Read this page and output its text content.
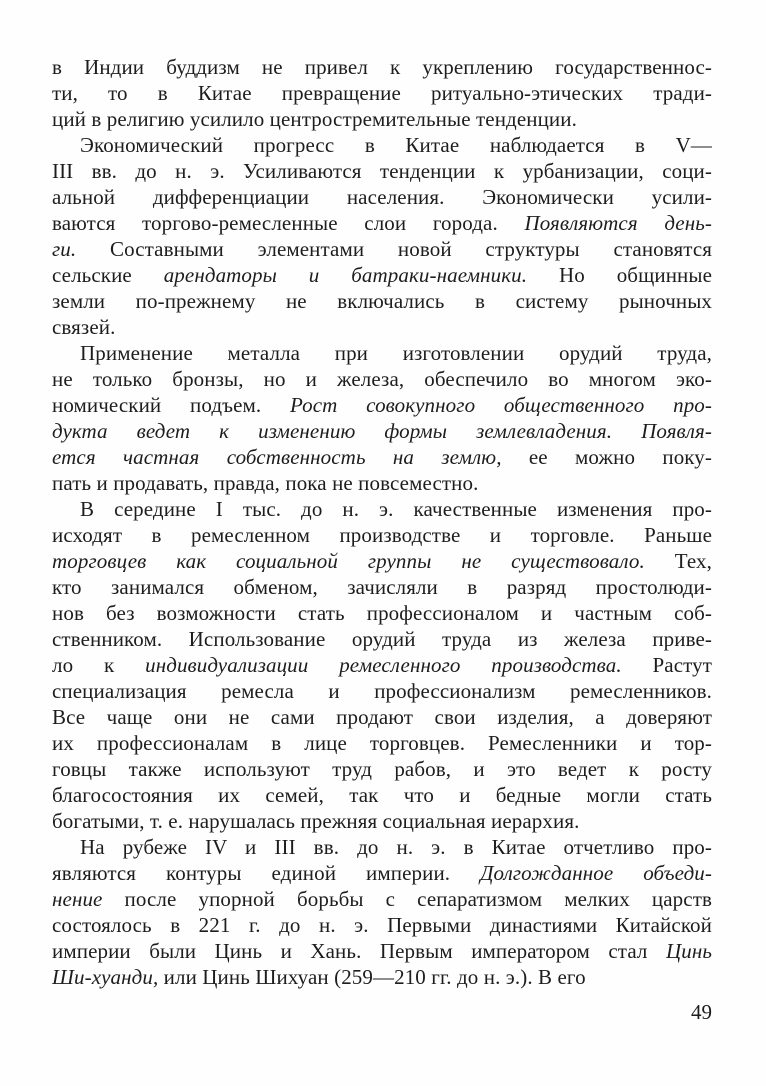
в Индии буддизм не привел к укреплению государственнос-
ти, то в Китае превращение ритуально-этических тради-
ций в религию усилило центростремительные тенденции.
Экономический прогресс в Китае наблюдается в V—
III вв. до н. э. Усиливаются тенденции к урбанизации, соци-
альной дифференциации населения. Экономически усили-
ваются торгово-ремесленные слои города. Появляются день-
ги. Составными элементами новой структуры становятся
сельские арендаторы и батраки-наемники. Но общинные
земли по-прежнему не включались в систему рыночных
связей.
Применение металла при изготовлении орудий труда,
не только бронзы, но и железа, обеспечило во многом эко-
номический подъем. Рост совокупного общественного про-
дукта ведет к изменению формы землевладения. Появля-
ется частная собственность на землю, ее можно поку-
пать и продавать, правда, пока не повсеместно.
В середине I тыс. до н. э. качественные изменения про-
исходят в ремесленном производстве и торговле. Раньше
торговцев как социальной группы не существовало. Тех,
кто занимался обменом, зачисляли в разряд простолюди-
нов без возможности стать профессионалом и частным соб-
ственником. Использование орудий труда из железа приве-
ло к индивидуализации ремесленного производства. Растут
специализация ремесла и профессионализм ремесленников.
Все чаще они не сами продают свои изделия, а доверяют
их профессионалам в лице торговцев. Ремесленники и тор-
говцы также используют труд рабов, и это ведет к росту
благосостояния их семей, так что и бедные могли стать
богатыми, т. е. нарушалась прежняя социальная иерархия.
На рубеже IV и III вв. до н. э. в Китае отчетливо про-
являются контуры единой империи. Долгожданное объеди-
нение после упорной борьбы с сепаратизмом мелких царств
состоялось в 221 г. до н. э. Первыми династиями Китайской
империи были Цинь и Хань. Первым императором стал Цинь
Ши-хуанди, или Цинь Шихуан (259—210 гг. до н. э.). В его
49
